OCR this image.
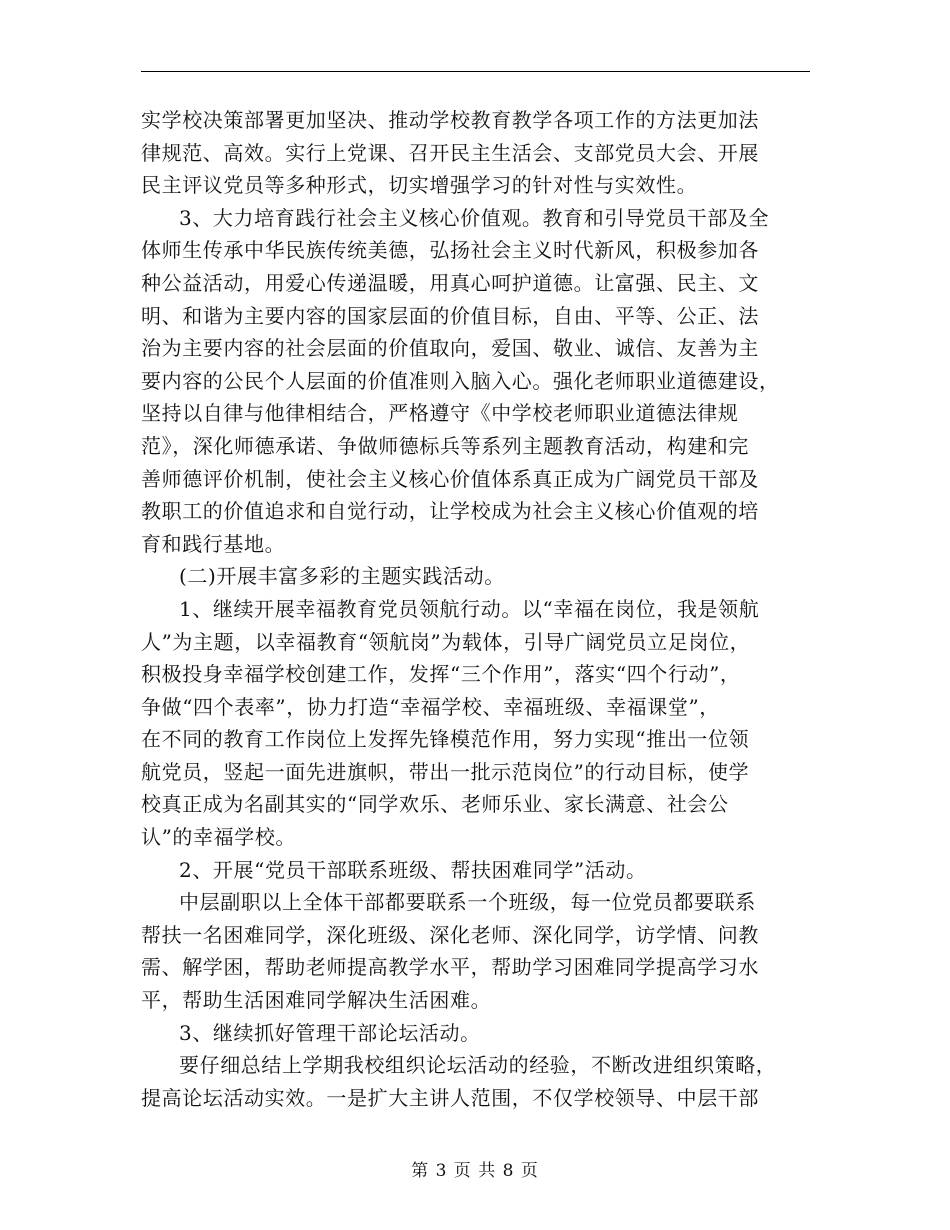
实学校决策部署更加坚决、推动学校教育教学各项工作的方法更加法
律规范、高效。实行上党课、召开民主生活会、支部党员大会、开展
民主评议党员等多种形式，切实增强学习的针对性与实效性。
3、大力培育践行社会主义核心价值观。教育和引导党员干部及全
体师生传承中华民族传统美德，弘扬社会主义时代新风，积极参加各
种公益活动，用爱心传递温暖，用真心呵护道德。让富强、民主、文
明、和谐为主要内容的国家层面的价值目标，自由、平等、公正、法
治为主要内容的社会层面的价值取向，爱国、敬业、诚信、友善为主
要内容的公民个人层面的价值准则入脑入心。强化老师职业道德建设，
坚持以自律与他律相结合，严格遵守《中学校老师职业道德法律规
范》，深化师德承诺、争做师德标兵等系列主题教育活动，构建和完
善师德评价机制，使社会主义核心价值体系真正成为广阔党员干部及
教职工的价值追求和自觉行动，让学校成为社会主义核心价值观的培
育和践行基地。
(二)开展丰富多彩的主题实践活动。
1、继续开展幸福教育党员领航行动。以“幸福在岗位，我是领航
人”为主题，以幸福教育“领航岗”为载体，引导广阔党员立足岗位，
积极投身幸福学校创建工作，发挥“三个作用”，落实“四个行动”，
争做“四个表率”，协力打造“幸福学校、幸福班级、幸福课堂”，
在不同的教育工作岗位上发挥先锋模范作用，努力实现“推出一位领
航党员，竖起一面先进旗帜，带出一批示范岗位”的行动目标，使学
校真正成为名副其实的“同学欢乐、老师乐业、家长满意、社会公
认”的幸福学校。
2、开展“党员干部联系班级、帮扶困难同学”活动。
中层副职以上全体干部都要联系一个班级，每一位党员都要联系
帮扶一名困难同学，深化班级、深化老师、深化同学，访学情、问教
需、解学困，帮助老师提高教学水平，帮助学习困难同学提高学习水
平，帮助生活困难同学解决生活困难。
3、继续抓好管理干部论坛活动。
要仔细总结上学期我校组织论坛活动的经验，不断改进组织策略，
提高论坛活动实效。一是扩大主讲人范围，不仅学校领导、中层干部
第 3 页 共 8 页
